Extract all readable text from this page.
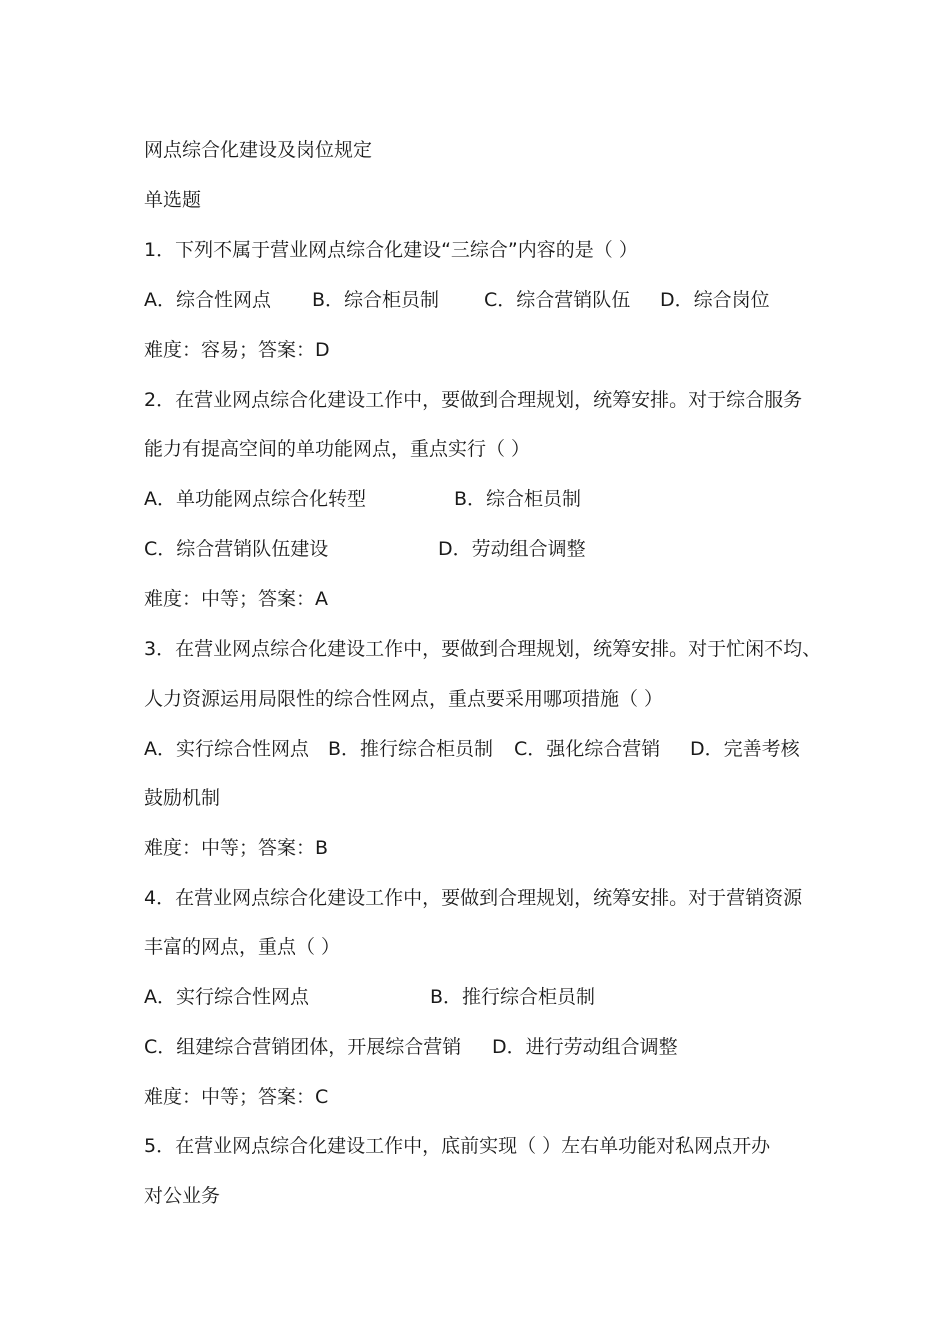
网点综合化建设及岗位规定
单选题
1．下列不属于营业网点综合化建设“三综合”内容的是（ ）
A．综合性网点 B．综合柜员制 C．综合营销队伍 D．综合岗位
难度：容易；答案：D
2．在营业网点综合化建设工作中，要做到合理规划，统筹安排。对于综合服务
能力有提高空间的单功能网点，重点实行（ ）
A．单功能网点综合化转型	B．综合柜员制
C．综合营销队伍建设	D．劳动组合调整
难度：中等；答案：A
3．在营业网点综合化建设工作中，要做到合理规划，统筹安排。对于忙闲不均、
人力资源运用局限性的综合性网点，重点要采用哪项措施（ ）
A．实行综合性网点 B．推行综合柜员制 C．强化综合营销 D．完善考核
鼓励机制
难度：中等；答案：B
4．在营业网点综合化建设工作中，要做到合理规划，统筹安排。对于营销资源
丰富的网点，重点（ ）
A．实行综合性网点	B．推行综合柜员制
C．组建综合营销团体，开展综合营销 D．进行劳动组合调整
难度：中等；答案：C
5．在营业网点综合化建设工作中，底前实现（ ）左右单功能对私网点开办
对公业务
